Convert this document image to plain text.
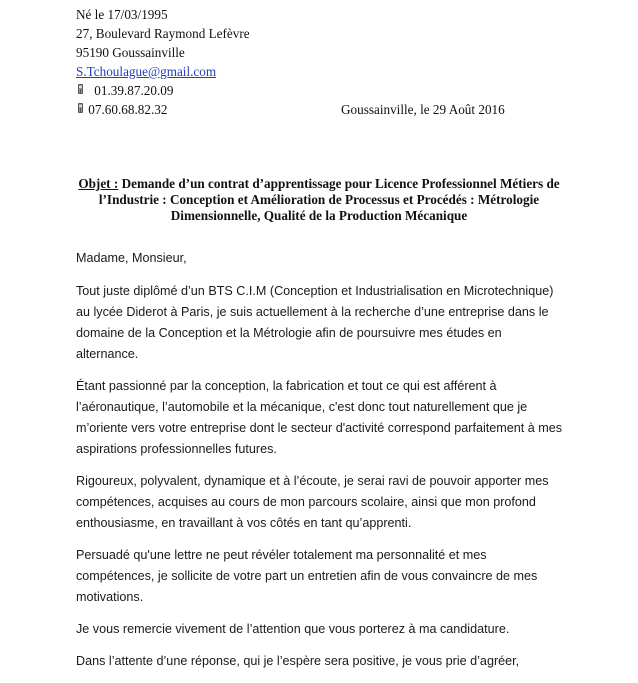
Né le 17/03/1995
27, Boulevard Raymond Lefèvre
95190 Goussainville
S.Tchoulague@gmail.com
01.39.87.20.09
07.60.68.82.32	Goussainville, le 29 Août 2016
Objet : Demande d’un contrat d’apprentissage pour Licence Professionnel Métiers de l’Industrie : Conception et Amélioration de Processus et Procédés : Métrologie Dimensionnelle, Qualité de la Production Mécanique

Madame, Monsieur,

Tout juste diplômé d’un BTS C.I.M (Conception et Industrialisation en Microtechnique) au lycée Diderot à Paris, je suis actuellement à la recherche d’une entreprise dans le domaine de la Conception et la Métrologie afin de poursuivre mes études en alternance.

Étant passionné par la conception, la fabrication et tout ce qui est afférent à l’aéronautique, l’automobile et la mécanique, c'est donc tout naturellement que je m’oriente vers votre entreprise dont le secteur d'activité correspond parfaitement à mes aspirations professionnelles futures.

Rigoureux, polyvalent, dynamique et à l’écoute, je serai ravi de pouvoir apporter mes compétences, acquises au cours de mon parcours scolaire, ainsi que mon profond enthousiasme, en travaillant à vos côtés en tant qu’apprenti.

Persuadé qu'une lettre ne peut révéler totalement ma personnalité et mes compétences, je sollicite de votre part un entretien afin de vous convaincre de mes motivations.

Je vous remercie vivement de l’attention que vous porterez à ma candidature.

Dans l’attente d’une réponse, qui je l’espère sera positive, je vous prie d’agréer,
